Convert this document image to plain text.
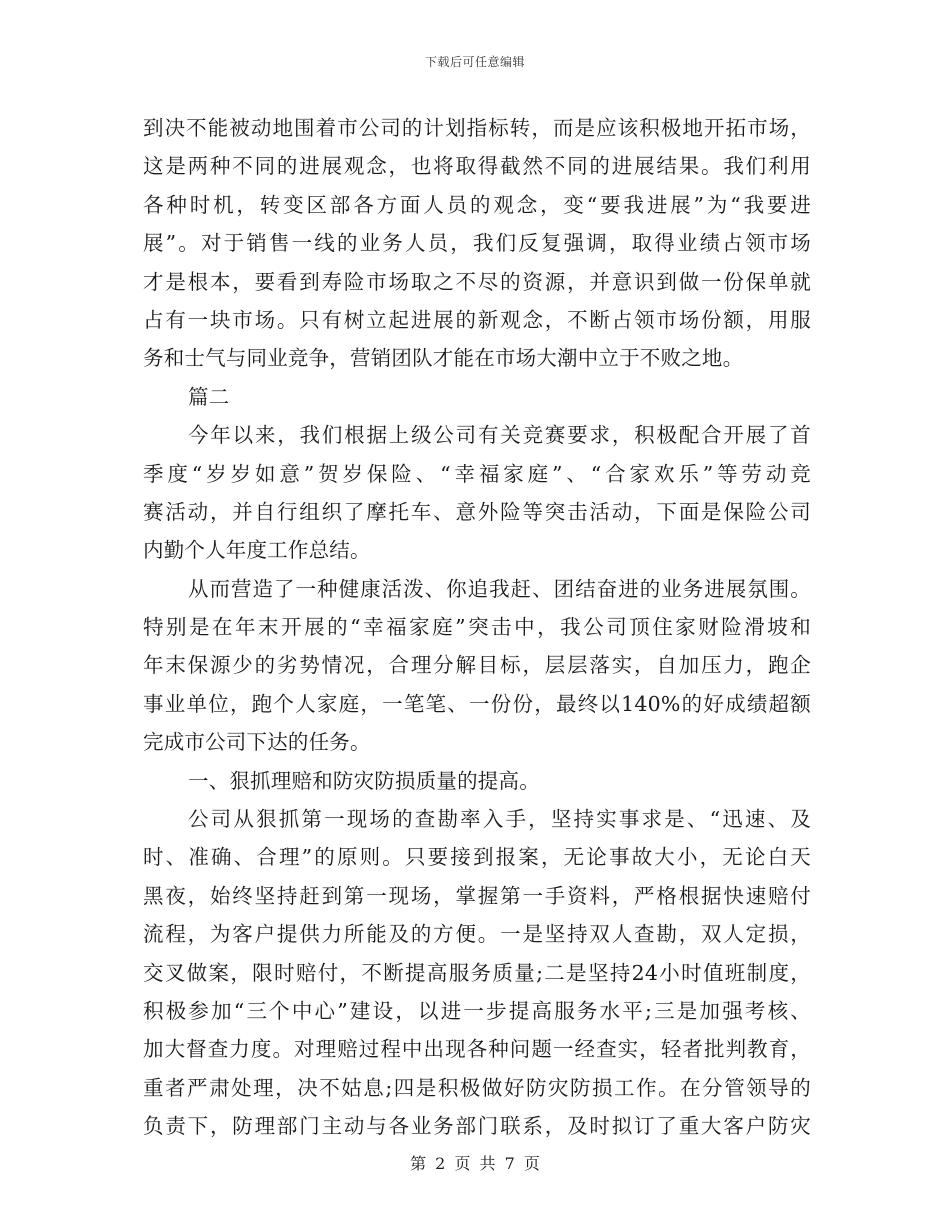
下载后可任意编辑
到决不能被动地围着市公司的计划指标转，而是应该积极地开拓市场，
这是两种不同的进展观念，也将取得截然不同的进展结果。我们利用
各种时机，转变区部各方面人员的观念，变“要我进展”为“我要进
展”。对于销售一线的业务人员，我们反复强调，取得业绩占领市场
才是根本，要看到寿险市场取之不尽的资源，并意识到做一份保单就
占有一块市场。只有树立起进展的新观念，不断占领市场份额，用服
务和士气与同业竞争，营销团队才能在市场大潮中立于不败之地。
篇二
今年以来，我们根据上级公司有关竞赛要求，积极配合开展了首
季度“岁岁如意”贺岁保险、“幸福家庭”、“合家欢乐”等劳动竞
赛活动，并自行组织了摩托车、意外险等突击活动，下面是保险公司
内勤个人年度工作总结。
从而营造了一种健康活泼、你追我赶、团结奋进的业务进展氛围。
特别是在年末开展的“幸福家庭”突击中，我公司顶住家财险滑坡和
年末保源少的劣势情况，合理分解目标，层层落实，自加压力，跑企
事业单位，跑个人家庭，一笔笔、一份份，最终以140%的好成绩超额
完成市公司下达的任务。
一、狠抓理赔和防灾防损质量的提高。
公司从狠抓第一现场的查勘率入手，坚持实事求是、“迅速、及
时、准确、合理”的原则。只要接到报案，无论事故大小，无论白天
黑夜，始终坚持赶到第一现场，掌握第一手资料，严格根据快速赔付
流程，为客户提供力所能及的方便。一是坚持双人查勘，双人定损，
交叉做案，限时赔付，不断提高服务质量;二是坚持24小时值班制度，
积极参加“三个中心”建设，以进一步提高服务水平;三是加强考核、
加大督查力度。对理赔过程中出现各种问题一经查实，轻者批判教育，
重者严肃处理，决不姑息;四是积极做好防灾防损工作。在分管领导的
负责下，防理部门主动与各业务部门联系，及时拟订了重大客户防灾
第 2 页 共 7 页
